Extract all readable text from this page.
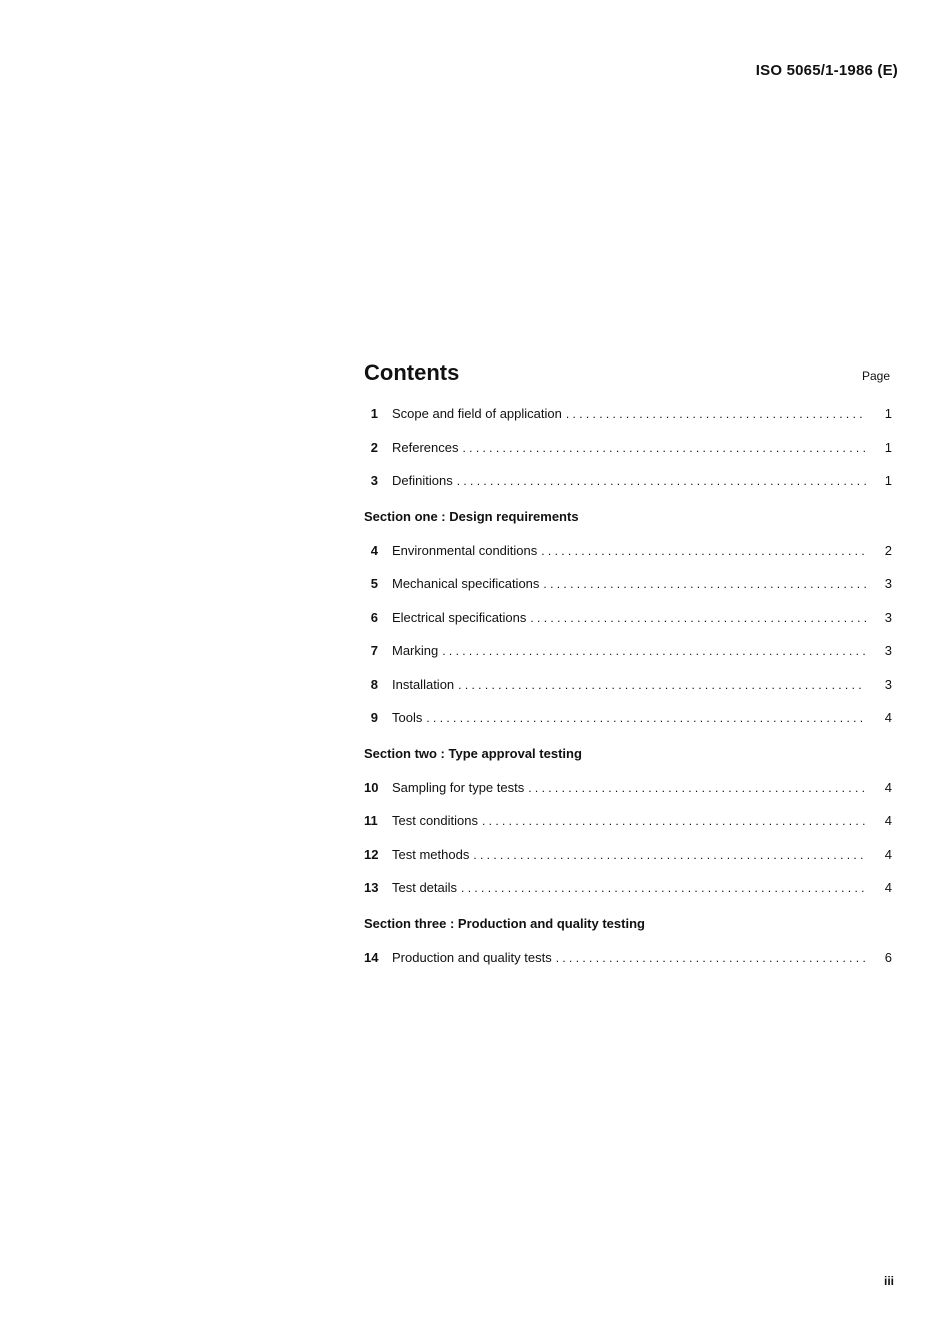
ISO 5065/1-1986 (E)
Contents	Page
1 Scope and field of application . . .	1
2 References . . .	1
3 Definitions . . .	1
Section one : Design requirements
4 Environmental conditions . . .	2
5 Mechanical specifications . . .	3
6 Electrical specifications . . .	3
7 Marking . . .	3
8 Installation . . .	3
9 Tools . . .	4
Section two : Type approval testing
10	Sampling for type tests . . .	4
11	Test conditions . . .	4
12	Test methods . . .	4
13	Test details . . .	4
Section three : Production and quality testing
14	Production and quality tests . . .	6
iii
